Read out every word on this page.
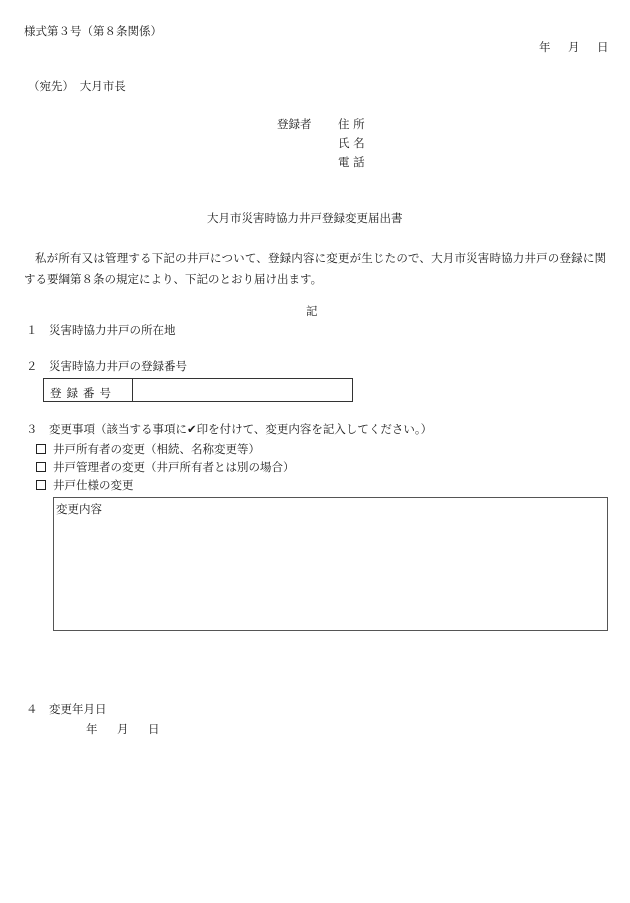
様式第３号（第８条関係）
年　月　日
（宛先）　大月市長
登録者 住 所
氏 名
電 話
大月市災害時協力井戸登録変更届出書
私が所有又は管理する下記の井戸について、登録内容に変更が生じたので、大月市災害時協力井戸の登録に関する要綱第８条の規定により、下記のとおり届け出ます。
記
１　災害時協力井戸の所在地
２　災害時協力井戸の登録番号
登録番号
３　変更事項（該当する事項に✔印を付けて、変更内容を記入してください。）
井戸所有者の変更（相続、名称変更等）
井戸管理者の変更（井戸所有者とは別の場合）
井戸仕様の変更
変更内容
４　変更年月日
年　月　日
